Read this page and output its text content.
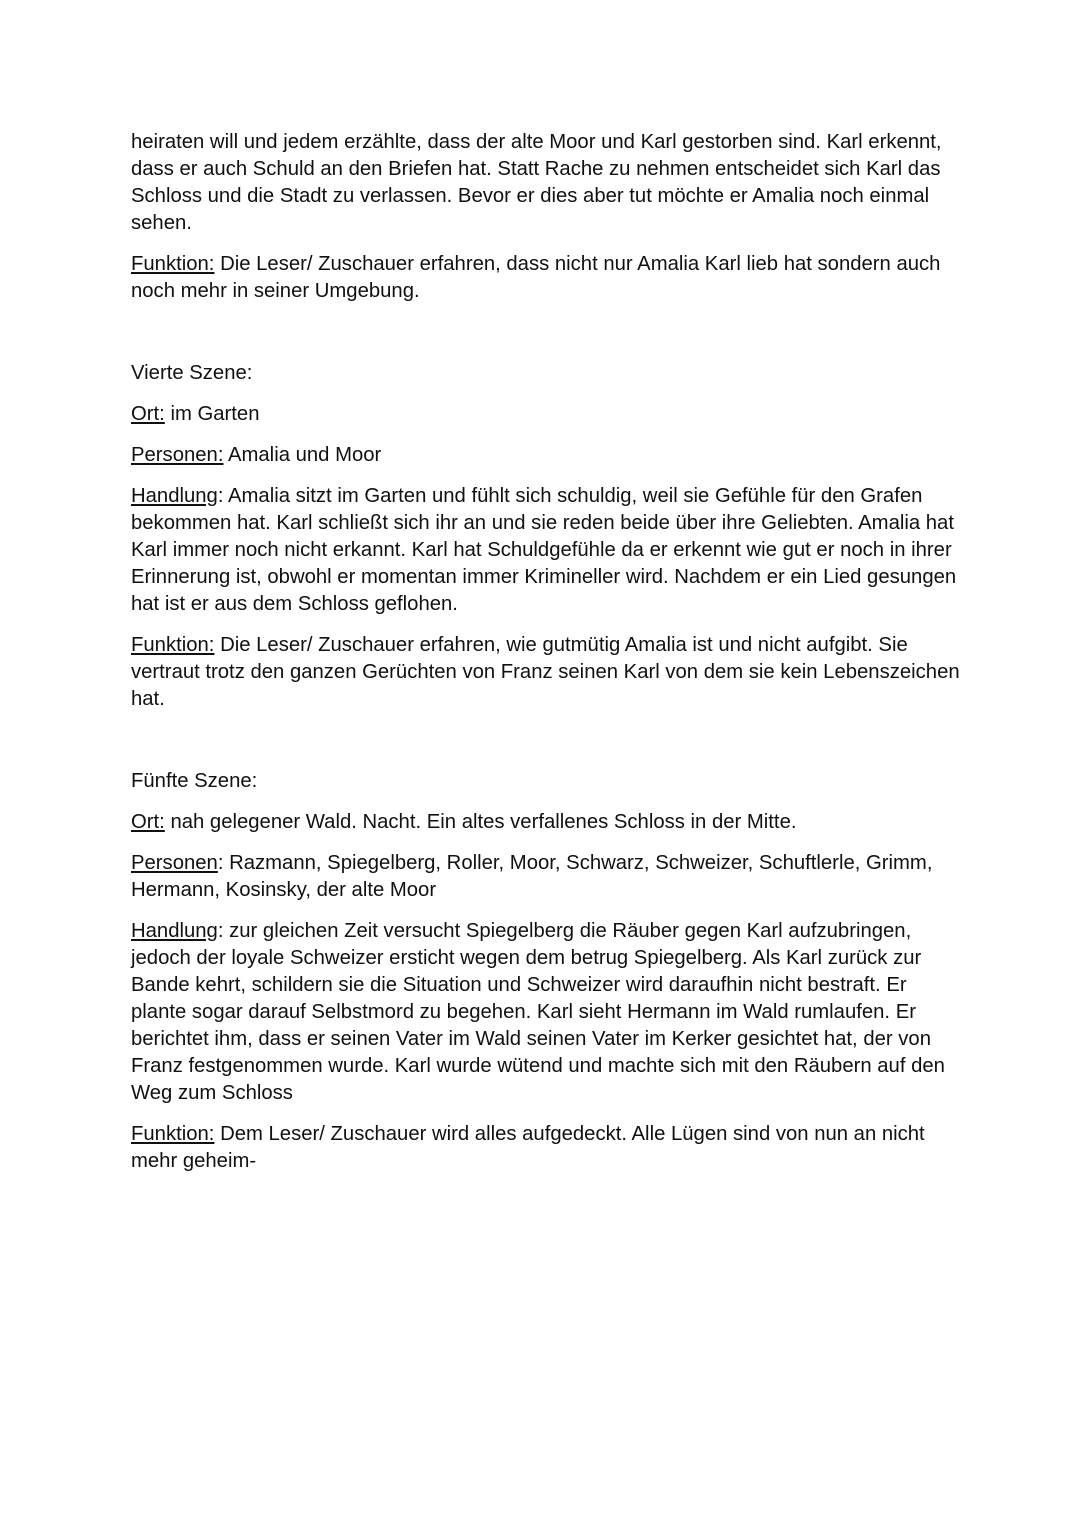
heiraten will und jedem erzählte, dass der alte Moor und Karl gestorben sind. Karl erkennt, dass er auch Schuld an den Briefen hat. Statt Rache zu nehmen entscheidet sich Karl das Schloss und die Stadt zu verlassen. Bevor er dies aber tut möchte er Amalia noch einmal sehen.

Funktion: Die Leser/ Zuschauer erfahren, dass nicht nur Amalia Karl lieb hat sondern auch noch mehr in seiner Umgebung.

Vierte Szene:

Ort: im Garten

Personen: Amalia und Moor

Handlung: Amalia sitzt im Garten und fühlt sich schuldig, weil sie Gefühle für den Grafen bekommen hat. Karl schließt sich ihr an und sie reden beide über ihre Geliebten. Amalia hat Karl immer noch nicht erkannt. Karl hat Schuldgefühle da er erkennt wie gut er noch in ihrer Erinnerung ist, obwohl er momentan immer Krimineller wird. Nachdem er ein Lied gesungen hat ist er aus dem Schloss geflohen.

Funktion: Die Leser/ Zuschauer erfahren, wie gutmütig Amalia ist und nicht aufgibt. Sie vertraut trotz den ganzen Gerüchten von Franz seinen Karl von dem sie kein Lebenszeichen hat.

Fünfte Szene:

Ort: nah gelegener Wald. Nacht. Ein altes verfallenes Schloss in der Mitte.

Personen: Razmann, Spiegelberg, Roller, Moor, Schwarz, Schweizer, Schuftlerle, Grimm, Hermann, Kosinsky, der alte Moor

Handlung: zur gleichen Zeit versucht Spiegelberg die Räuber gegen Karl aufzubringen, jedoch der loyale Schweizer ersticht wegen dem betrug Spiegelberg. Als Karl zurück zur Bande kehrt, schildern sie die Situation und Schweizer wird daraufhin nicht bestraft. Er plante sogar darauf Selbstmord zu begehen. Karl sieht Hermann im Wald rumlaufen. Er berichtet ihm, dass er seinen Vater im Wald seinen Vater im Kerker gesichtet hat, der von Franz festgenommen wurde. Karl wurde wütend und machte sich mit den Räubern auf den Weg zum Schloss

Funktion: Dem Leser/ Zuschauer wird alles aufgedeckt. Alle Lügen sind von nun an nicht mehr geheim-
